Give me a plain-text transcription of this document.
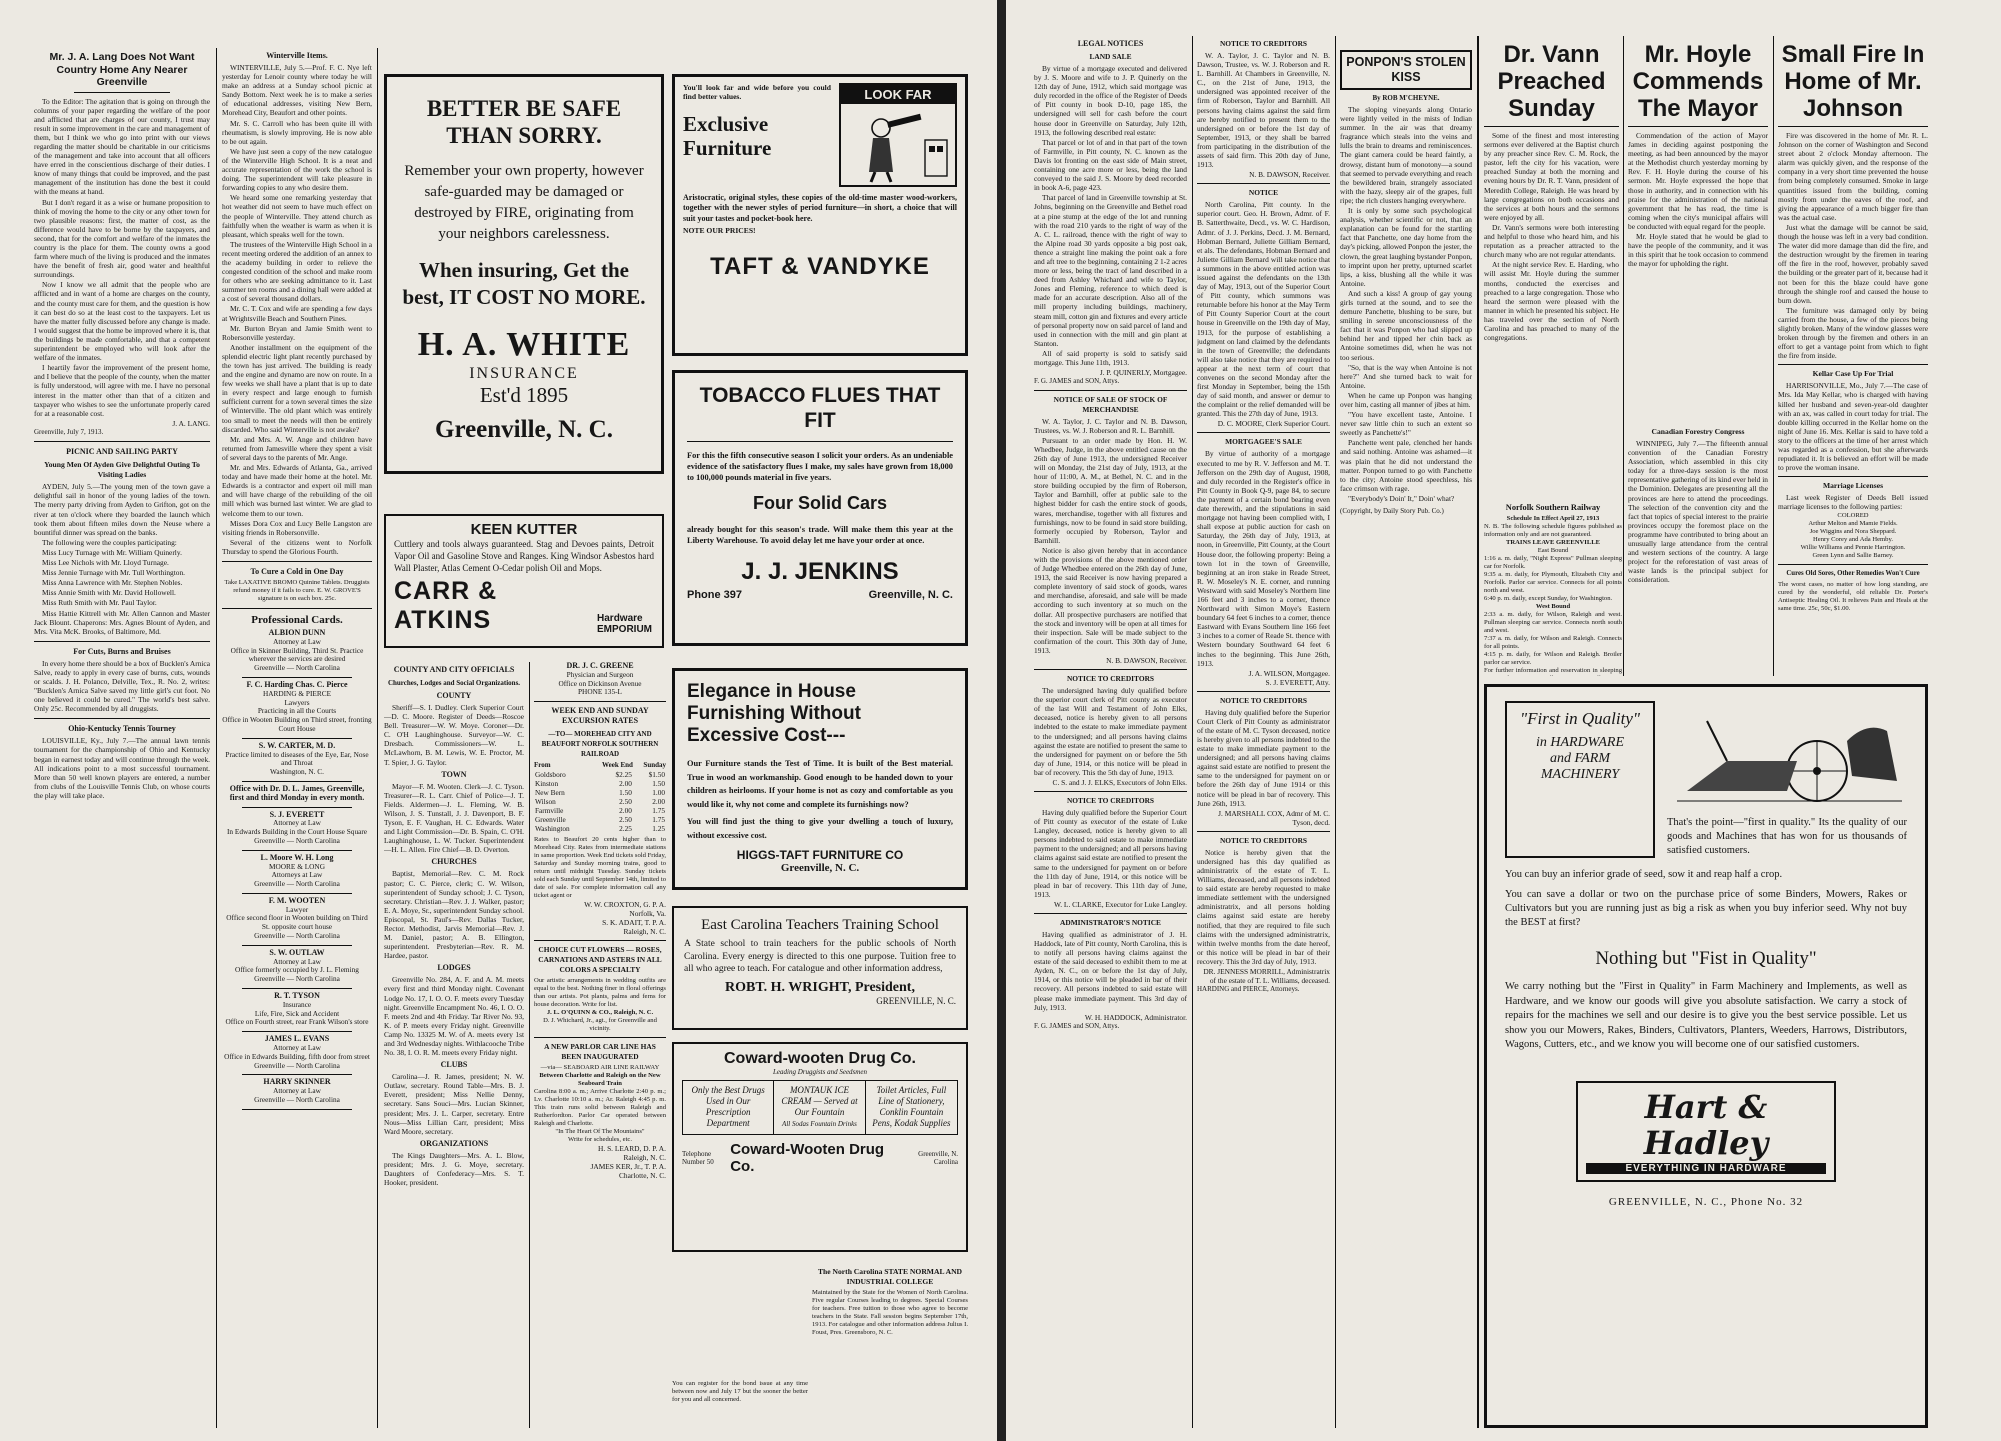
Mr. J. A. Lang Does Not Want Country Home Any Nearer Greenville

To the Editor: The agitation that is going on through the columns of your paper regarding the welfare of the poor and afflicted that are charges of our county, I trust may result in some improvement in the care and management of them, but I think we who go into print with our views regarding the matter should be charitable in our criticisms of the management and take into account that all officers have erred in the conscientious discharge of their duties. I know of many things that could be improved, and the past management of the institution has done the best it could with the means at hand.

But I don't regard it as a wise or humane proposition to think of moving the home to the city or any other town for two plausible reasons: first, the matter of cost, as the difference would have to be borne by the taxpayers, and second, that for the comfort and welfare of the inmates the country is the place for them. The county owns a good farm where much of the living is produced and the inmates have the benefit of fresh air, good water and healthful surroundings.

Now I know we all admit that the people who are afflicted and in want of a home are charges on the county, and the county must care for them, and the question is how it can best do so at the least cost to the taxpayers. Let us have the matter fully discussed before any change is made. I would suggest that the home be improved where it is, that the buildings be made comfortable, and that a competent superintendent be employed who will look after the welfare of the inmates.

I heartily favor the improvement of the present home, and I believe that the people of the county, when the matter is fully understood, will agree with me. I have no personal interest in the matter other than that of a citizen and taxpayer who wishes to see the unfortunate properly cared for at a reasonable cost.

J. A. LANG.
Greenville, July 7, 1913.
PICNIC AND SAILING PARTY
Young Men Of Ayden Give Delightful Outing To Visiting Ladies

AYDEN, July 5.—The young men of the town gave a delightful sail in honor of the young ladies of the town. The merry party driving from Ayden to Grifton, got on the river at ten o'clock where they boarded the launch which took them about fifteen miles down the Neuse where a bountiful dinner was spread on the banks.

The following were the couples participating:

Miss Lucy Turnage with Mr. William Quinerly.

Miss Lee Nichols with Mr. Lloyd Turnage.

Miss Jennie Turnage with Mr. Tull Worthington.

Miss Anna Lawrence with Mr. Stephen Nobles.

Miss Annie Smith with Mr. David Hollowell.

Miss Ruth Smith with Mr. Paul Taylor.

Miss Hattie Kittrell with Mr. Allen Cannon and Master Jack Blount. Chaperons: Mrs. Agnes Blount of Ayden, and Mrs. Vita McK. Brooks, of Baltimore, Md.

For Cuts, Burns and Bruises

In every home there should be a box of Bucklen's Arnica Salve, ready to apply in every case of burns, cuts, wounds or scalds. J. H. Polanco, Delville, Tex., R. No. 2, writes: "Bucklen's Arnica Salve saved my little girl's cut foot. No one believed it could be cured." The world's best salve. Only 25c. Recommended by all druggists.

Ohio-Kentucky Tennis Tourney

LOUISVILLE, Ky., July 7.—The annual lawn tennis tournament for the championship of Ohio and Kentucky began in earnest today and will continue through the week. All indications point to a most successful tournament. More than 50 well known players are entered, a number from clubs of the Louisville Tennis Club, on whose courts the play will take place.

Winterville Items.

WINTERVILLE, July 5.—Prof. F. C. Nye left yesterday for Lenoir county where today he will make an address at a Sunday school picnic at Sandy Bottom. Next week he is to make a series of educational addresses, visiting New Bern, Morehead City, Beaufort and other points.

Mr. S. C. Carroll who has been quite ill with rheumatism, is slowly improving. He is now able to be out again.

We have just seen a copy of the new catalogue of the Winterville High School. It is a neat and accurate representation of the work the school is doing. The superintendent will take pleasure in forwarding copies to any who desire them.

We heard some one remarking yesterday that hot weather did not seem to have much effect on the people of Winterville. They attend church as faithfully when the weather is warm as when it is pleasant, which speaks well for the town.

The trustees of the Winterville High School in a recent meeting ordered the addition of an annex to the academy building in order to relieve the congested condition of the school and make room for others who are seeking admittance to it. Last summer ten rooms and a dining hall were added at a cost of several thousand dollars.

Mr. C. T. Cox and wife are spending a few days at Wrightsville Beach and Southern Pines.

Mr. Burton Bryan and Jamie Smith went to Robersonville yesterday.

Another installment on the equipment of the splendid electric light plant recently purchased by the town has just arrived. The building is ready and the engine and dynamo are now on route. In a few weeks we shall have a plant that is up to date in every respect and large enough to furnish sufficient current for a town several times the size of Winterville. The old plant which was entirely too small to meet the needs will then be entirely discarded. Who said Winterville is not awake?

Mr. and Mrs. A. W. Ange and children have returned from Jamesville where they spent a visit of several days to the parents of Mr. Ange.

Mr. and Mrs. Edwards of Atlanta, Ga., arrived today and have made their home at the hotel. Mr. Edwards is a contractor and expert oil mill man and will have charge of the rebuilding of the oil mill which was burned last winter. We are glad to welcome them to our town.

Misses Dora Cox and Lucy Belle Langston are visiting friends in Robersonville.

Several of the citizens went to Norfolk Thursday to spend the Glorious Fourth.

To Cure a Cold in One Day

Take LAXATIVE BROMO Quinine Tablets. Druggists refund money if it fails to cure. E. W. GROVE'S signature is on each box. 25c.

Professional Cards.
ALBION DUNN
Attorney at Law
Office in Skinner Building, Third St. Practice wherever the services are desired
Greenville — North Carolina
F. C. Harding Chas. C. Pierce
HARDING & PIERCE
Lawyers
Practicing in all the Courts
Office in Wooten Building on Third street, fronting Court House
S. W. CARTER, M. D.
Practice limited to diseases of the Eye, Ear, Nose and Throat
Washington, N. C.
Office with Dr. D. L. James, Greenville, first and third Monday in every month.
S. J. EVERETT
Attorney at Law
In Edwards Building in the Court House Square
Greenville — North Carolina
L. Moore W. H. Long
MOORE & LONG
Attorneys at Law
Greenville — North Carolina
F. M. WOOTEN
Lawyer
Office second floor in Wooten building on Third St. opposite court house
Greenville — North Carolina
S. W. OUTLAW
Attorney at Law
Office formerly occupied by J. L. Fleming
Greenville — North Carolina
R. T. TYSON
Insurance
Life, Fire, Sick and Accident
Office on Fourth street, rear Frank Wilson's store
JAMES L. EVANS
Attorney at Law
Office in Edwards Building, fifth door from street
Greenville — North Carolina
HARRY SKINNER
Attorney at Law
Greenville — North Carolina
BETTER BE SAFE THAN SORRY.

Remember your own property, however safe-guarded may be damaged or destroyed by FIRE, originating from your neighbors carelessness.

When insuring, Get the best, IT COST NO MORE.

H. A. WHITE
INSURANCE
Est'd 1895
Greenville, N. C.
KEEN KUTTER

Cuttlery and tools always guaranteed. Stag and Devoes paints, Detroit Vapor Oil and Gasoline Stove and Ranges. King Windsor Asbestos hard Wall Plaster, Atlas Cement O-Cedar polish Oil and Mops.

CARR & ATKINS	Hardware EMPORIUM
COUNTY AND CITY OFFICIALS
Churches, Lodges and Social Organizations.
COUNTY

Sheriff—S. I. Dudley. Clerk Superior Court—D. C. Moore. Register of Deeds—Roscoe Bell. Treasurer—W. W. Moye. Coroner—Dr. C. O'H Laughinghouse. Surveyor—W. C. Dresbach. Commissioners—W. L. McLawhorn, B. M. Lewis, W. E. Proctor, M. T. Spier, J. G. Taylor.

TOWN

Mayor—F. M. Wooten. Clerk—J. C. Tyson. Treasurer—R. L. Carr. Chief of Police—J. T. Fields. Aldermen—J. L. Fleming, W. B. Wilson, J. S. Tunstall, J. J. Davenport, B. F. Tyson, E. F. Vaughan, H. C. Edwards. Water and Light Commission—Dr. B. Spain, C. O'H. Laughinghouse, L. W. Tucker. Superintendent—H. L. Allen. Fire Chief—B. D. Overton.

CHURCHES

Baptist, Memorial—Rev. C. M. Rock pastor; C. C. Pierce, clerk; C. W. Wilson, superintendent of Sunday school; J. C. Tyson, secretary. Christian—Rev. J. J. Walker, pastor; E. A. Moye, Sr., superintendent Sunday school. Episcopal, St. Paul's—Rev. Dallas Tucker, Rector. Methodist, Jarvis Memorial—Rev. J. M. Daniel, pastor; A. B. Ellington, superintendent. Presbyterian—Rev. R. M. Hardee, pastor.

LODGES

Greenville No. 284, A. F. and A. M. meets every first and third Monday night. Covenant Lodge No. 17, I. O. O. F. meets every Tuesday night. Greenville Encampment No. 46, I. O. O. F. meets 2nd and 4th Friday. Tar River No. 93, K. of P. meets every Friday night. Greenville Camp No. 13325 M. W. of A. meets every 1st and 3rd Wednesday nights. Withlacooche Tribe No. 38, I. O. R. M. meets every Friday night.

CLUBS

Carolina—J. R. James, president; N. W. Outlaw, secretary. Round Table—Mrs. B. J. Everett, president; Miss Nellie Denny, secretary. Sans Souci—Mrs. Lucian Skinner, president; Mrs. J. L. Carper, secretary. Entre Nous—Miss Lillian Carr, president; Miss Ward Moore, secretary.

ORGANIZATIONS

The Kings Daughters—Mrs. A. L. Blow, president; Mrs. J. G. Moye, secretary. Daughters of Confederacy—Mrs. S. T. Hooker, president.

DR. J. C. GREENE
Physician and Surgeon
Office on Dickinson Avenue
PHONE 135-L
WEEK END AND SUNDAY EXCURSION RATES
—TO— MOREHEAD CITY AND BEAUFORT NORFOLK SOUTHERN RAILROAD
From	Week End	Sunday
Goldsboro	$2.25	$1.50
Kinston	2.00	1.50
New Bern	1.50	1.00
Wilson	2.50	2.00
Farmville	2.00	1.75
Greenville	2.50	1.75
Washington	2.25	1.25

Rates to Beaufort 20 cents higher than to Morehead City. Rates from intermediate stations in same proportion. Week End tickets sold Friday, Saturday and Sunday morning trains, good to return until midnight Tuesday. Sunday tickets sold each Sunday until September 14th, limited to date of sale. For complete information call any ticket agent or

W. W. CROXTON, G. P. A.
Norfolk, Va.
S. K. ADAIT, T. P. A.
Raleigh, N. C.
CHOICE CUT FLOWERS — ROSES, CARNATIONS AND ASTERS IN ALL COLORS A SPECIALTY

Our artistic arrangements in wedding outfits are equal to the best. Nothing finer in floral offerings than our artists. Pot plants, palms and ferns for house decoration. Write for list.

J. L. O'QUINN & CO., Raleigh, N. C.
D. J. Whichard, Jr., agt., for Greenville and vicinity.
A NEW PARLOR CAR LINE HAS BEEN INAUGURATED
—via— SEABOARD AIR LINE RAILWAY
Between Charlotte and Raleigh on the New Seaboard Train

Carolina 8:00 a. m.; Arrive Charlotte 2:40 p. m.; Lv. Charlotte 10:10 a. m.; Ar. Raleigh 4:45 p. m. This train runs solid between Raleigh and Rutherfordton. Parlor Car operated between Raleigh and Charlotte.

"In The Heart Of The Mountains"
Write for schedules, etc.
H. S. LEARD, D. P. A.
Raleigh, N. C.
JAMES KER, Jr., T. P. A.
Charlotte, N. C.

You'll look far and wide before you could find better values.

Exclusive Furniture
LOOK FAR

Aristocratic, original styles, these copies of the old-time master wood-workers, together with the newer styles of period furniture—in short, a choice that will suit your tastes and pocket-book here.

NOTE OUR PRICES!
TAFT & VANDYKE
TOBACCO FLUES THAT FIT

For this the fifth consecutive season I solicit your orders. As an undeniable evidence of the satisfactory flues I make, my sales have grown from 18,000 to 100,000 pounds material in five years.

Four Solid Cars

already bought for this season's trade. Will make them this year at the Liberty Warehouse. To avoid delay let me have your order at once.

J. J. JENKINS
Phone 397	Greenville, N. C.
Elegance in House Furnishing Without Excessive Cost---

Our Furniture stands the Test of Time. It is built of the Best material. True in wood an workmanship. Good enough to be handed down to your children as heirlooms. If your home is not as cozy and comfortable as you would like it, why not come and complete its furnishings now?

You will find just the thing to give your dwelling a touch of luxury, without excessive cost.

HIGGS-TAFT FURNITURE CO
Greenville, N. C.
East Carolina Teachers Training School

A State school to train teachers for the public schools of North Carolina. Every energy is directed to this one purpose. Tuition free to all who agree to teach. For catalogue and other information address,

ROBT. H. WRIGHT, President,
GREENVILLE, N. C.
Coward-wooten Drug Co.
Leading Druggists and Seedsmen
Only the Best Drugs Used in Our Prescription Department
MONTAUK ICE CREAM — Served at Our Fountain
All Sodas Fountain Drinks
Toilet Articles, Full Line of Stationery, Conklin Fountain Pens, Kodak Supplies
Telephone Number 50
Coward-Wooten Drug Co.
Greenville, N. Carolina
The North Carolina STATE NORMAL AND INDUSTRIAL COLLEGE

Maintained by the State for the Women of North Carolina. Five regular Courses leading to degrees. Special Courses for teachers. Free tuition to those who agree to become teachers in the State. Fall session begins September 17th, 1913. For catalogue and other information address Julius I. Foust, Pres. Greensboro, N. C.

You can register for the bond issue at any time between now and July 17 but the sooner the better for you and all concerned.

LEGAL NOTICES
LAND SALE

By virtue of a mortgage executed and delivered by J. S. Moore and wife to J. P. Quinerly on the 12th day of June, 1912, which said mortgage was duly recorded in the office of the Register of Deeds of Pitt county in book D-10, page 185, the undersigned will sell for cash before the court house door in Greenville on Saturday, July 12th, 1913, the following described real estate:

That parcel or lot of and in that part of the town of Farmville, in Pitt county, N. C. known as the Davis lot fronting on the east side of Main street, containing one acre more or less, being the land conveyed to the said J. S. Moore by deed recorded in book A-6, page 423.

That parcel of land in Greenville township at St. Johns, beginning on the Greenville and Bethel road at a pine stump at the edge of the lot and running with the road 210 yards to the right of way of the A. C. L. railroad, thence with the right of way to the Alpine road 30 yards opposite a big post oak, thence a straight line making the point oak a fore and aft tree to the beginning, containing 2 1-2 acres more or less, being the tract of land described in a deed from Ashley Whichard and wife to Taylor, Jones and Fleming, reference to which deed is made for an accurate description. Also all of the mill property including buildings, machinery, steam mill, cotton gin and fixtures and every article of personal property now on said parcel of land and used in connection with the mill and gin plant at Stanton.

All of said property is sold to satisfy said mortgage. This June 11th, 1913.

J. P. QUINERLY, Mortgagee.
F. G. JAMES and SON, Attys.
NOTICE OF SALE OF STOCK OF MERCHANDISE

W. A. Taylor, J. C. Taylor and N. B. Dawson, Trustees, vs. W. J. Roberson and R. L. Barnhill.

Pursuant to an order made by Hon. H. W. Whedbee, Judge, in the above entitled cause on the 26th day of June 1913, the undersigned Receiver will on Monday, the 21st day of July, 1913, at the hour of 11:00, A. M., at Bethel, N. C. and in the store building occupied by the firm of Roberson, Taylor and Barnhill, offer at public sale to the highest bidder for cash the entire stock of goods, wares, merchandise, together with all fixtures and furnishings, now to be found in said store building, formerly occupied by Roberson, Taylor and Barnhill.

Notice is also given hereby that in accordance with the provisions of the above mentioned order of Judge Whedbee entered on the 26th day of June, 1913, the said Receiver is now having prepared a complete inventory of said stock of goods, wares and merchandise, aforesaid, and sale will be made according to such inventory at so much on the dollar. All prospective purchasers are notified that the stock and inventory will be open at all times for their inspection. Sale will be made subject to the confirmation of the court. This 30th day of June, 1913.

N. B. DAWSON, Receiver.
NOTICE TO CREDITORS

The undersigned having duly qualified before the superior court clerk of Pitt county as executor of the last Will and Testament of John Elks, deceased, notice is hereby given to all persons indebted to the estate to make immediate payment to the undersigned; and all persons having claims against the estate are notified to present the same to the undersigned for payment on or before the 5th day of June, 1914, or this notice will be plead in bar of recovery. This the 5th day of June, 1913.

C. S. and J. J. ELKS, Executors of John Elks.
NOTICE TO CREDITORS

Having duly qualified before the Superior Court of Pitt county as executor of the estate of Luke Langley, deceased, notice is hereby given to all persons indebted to said estate to make immediate payment to the undersigned; and all persons having claims against said estate are notified to present the same to the undersigned for payment on or before the 11th day of June, 1914, or this notice will be plead in bar of recovery. This 11th day of June, 1913.

W. L. CLARKE, Executor for Luke Langley.
ADMINISTRATOR'S NOTICE

Having qualified as administrator of J. H. Haddock, late of Pitt county, North Carolina, this is to notify all persons having claims against the estate of the said deceased to exhibit them to me at Ayden, N. C., on or before the 1st day of July, 1914, or this notice will be pleaded in bar of their recovery. All persons indebted to said estate will please make immediate payment. This 3rd day of July, 1913.

W. H. HADDOCK, Administrator.
F. G. JAMES and SON, Attys.
NOTICE TO CREDITORS

W. A. Taylor, J. C. Taylor and N. B. Dawson, Trustee, vs. W. J. Roberson and R. L. Barnhill. At Chambers in Greenville, N. C., on the 21st of June, 1913, the undersigned was appointed receiver of the firm of Roberson, Taylor and Barnhill. All persons having claims against the said firm are hereby notified to present them to the undersigned on or before the 1st day of September, 1913, or they shall be barred from participating in the distribution of the assets of said firm. This 20th day of June, 1913.

N. B. DAWSON, Receiver.
NOTICE

North Carolina, Pitt county. In the superior court. Geo. H. Brown, Admr. of F. B. Satterthwaite, Decd., vs. W. C. Hardison, Admr. of J. J. Perkins, Decd. J. M. Bernard, Hobman Bernard, Juliette Gilliam Bernard, et als. The defendants, Hobman Bernard and Juliette Gilliam Bernard will take notice that a summons in the above entitled action was issued against the defendants on the 13th day of May, 1913, out of the Superior Court of Pitt county, which summons was returnable before his honor at the May Term of Pitt County Superior Court at the court house in Greenville on the 19th day of May, 1913, for the purpose of establishing a judgment on land claimed by the defendants in the town of Greenville; the defendants will also take notice that they are required to appear at the next term of court that convenes on the second Monday after the first Monday in September, being the 15th day of said month, and answer or demur to the complaint or the relief demanded will be granted. This the 27th day of June, 1913.

D. C. MOORE, Clerk Superior Court.
MORTGAGEE'S SALE

By virtue of authority of a mortgage executed to me by R. V. Jefferson and M. T. Jefferson on the 29th day of August, 1908, and duly recorded in the Register's office in Pitt County in Book Q-9, page 84, to secure the payment of a certain bond bearing even date therewith, and the stipulations in said mortgage not having been complied with, I shall expose at public auction for cash on Saturday, the 26th day of July, 1913, at noon, in Greenville, Pitt County, at the Court House door, the following property: Being a town lot in the town of Greenville, beginning at an iron stake in Reade Street, R. W. Moseley's N. E. corner, and running Westward with said Moseley's Northern line 166 feet and 3 inches to a corner, thence Northward with Simon Moye's Eastern boundary 64 feet 6 inches to a corner, thence Eastward with Evans Southern line 166 feet 3 inches to a corner of Reade St. thence with Western boundary Southward 64 feet 6 inches to the beginning. This June 26th, 1913.

J. A. WILSON, Mortgagee.
S. J. EVERETT, Atty.
NOTICE TO CREDITORS

Having duly qualified before the Superior Court Clerk of Pitt County as administrator of the estate of M. C. Tyson deceased, notice is hereby given to all persons indebted to the estate to make immediate payment to the undersigned; and all persons having claims against said estate are notified to present the same to the undersigned for payment on or before the 26th day of June 1914 or this notice will be plead in bar of recovery. This June 26th, 1913.

J. MARSHALL COX, Admr of M. C. Tyson, decd.
NOTICE TO CREDITORS

Notice is hereby given that the undersigned has this day qualified as administratrix of the estate of T. L. Williams, deceased, and all persons indebted to said estate are hereby requested to make immediate settlement with the undersigned administratrix, and all persons holding claims against said estate are hereby notified, that they are required to file such claims with the undersigned administratrix, within twelve months from the date hereof, or this notice will be plead in bar of their recovery. This the 3rd day of July, 1913.

DR. JENNESS MORRILL, Administratrix of the estate of T. L. Williams, deceased.
HARDING and PIERCE, Attorneys.
PONPON'S STOLEN KISS
By ROB M'CHEYNE.

The sloping vineyards along Ontario were lightly veiled in the mists of Indian summer. In the air was that dreamy fragrance which steals into the veins and lulls the brain to dreams and reminiscences. The giant camera could be heard faintly, a drowsy, distant hum of monotony—a sound that seemed to pervade everything and reach the bewildered brain, strangely associated with the hazy, sleepy air of the grapes, full ripe; the rich clusters hanging everywhere.

It is only by some such psychological analysis, whether scientific or not, that an explanation can be found for the startling fact that Panchette, one day home from the day's picking, allowed Ponpon the jester, the clown, the great laughing bystander Ponpon, to imprint upon her pretty, upturned scarlet lips, a kiss, blushing all the while it was Antoine.

And such a kiss! A group of gay young girls turned at the sound, and to see the demure Panchette, blushing to be sure, but smiling in serene unconsciousness of the fact that it was Ponpon who had slipped up behind her and tipped her chin back as Antoine sometimes did, when he was not too serious.

"So, that is the way when Antoine is not here?" And she turned back to wait for Antoine.

When he came up Ponpon was hanging over him, casting all manner of jibes at him.

"You have excellent taste, Antoine. I never saw little chin to such an extent so sweetly as Panchette's!"

Panchette went pale, clenched her hands and said nothing. Antoine was ashamed—it was plain that he did not understand the matter. Ponpon turned to go with Panchette to the city; Antoine stood speechless, his face crimson with rage.

"Everybody's Doin' It," Doin' what?

(Copyright, by Daily Story Pub. Co.)
Dr. Vann Preached Sunday

Some of the finest and most interesting sermons ever delivered at the Baptist church by any preacher since Rev. C. M. Rock, the pastor, left the city for his vacation, were preached Sunday at both the morning and evening hours by Dr. R. T. Vann, president of Meredith College, Raleigh. He was heard by large congregations on both occasions and the services at both hours and the sermons were enjoyed by all.

Dr. Vann's sermons were both interesting and helpful to those who heard him, and his reputation as a preacher attracted to the church many who are not regular attendants.

At the night service Rev. E. Harding, who will assist Mr. Hoyle during the summer months, conducted the exercises and preached to a large congregation. Those who heard the sermon were pleased with the manner in which he presented his subject. He has traveled over the section of North Carolina and has preached to many of the congregations.

Mr. Hoyle Commends The Mayor

Commendation of the action of Mayor James in deciding against postponing the meeting, as had been announced by the mayor at the Methodist church yesterday morning by Rev. F. H. Hoyle during the course of his sermon. Mr. Hoyle expressed the hope that those in authority, and in connection with his praise for the administration of the national government that he has read, the time is coming when the city's municipal affairs will be conducted with equal regard for the people.

Mr. Hoyle stated that he would be glad to have the people of the community, and it was in this spirit that he took occasion to commend the mayor for upholding the right.

Small Fire In Home of Mr. Johnson

Fire was discovered in the home of Mr. R. L. Johnson on the corner of Washington and Second street about 2 o'clock Monday afternoon. The alarm was quickly given, and the response of the company in a very short time prevented the house from being completely consumed. Smoke in large quantities issued from the building, coming mostly from under the eaves of the roof, and giving the appearance of a much bigger fire than was the actual case.

Just what the damage will be cannot be said, though the house was left in a very bad condition. The water did more damage than did the fire, and the destruction wrought by the firemen in tearing off the fire in the roof, however, probably saved the building or the greater part of it, because had it not been for this the blaze could have gone through the shingle roof and caused the house to burn down.

The furniture was damaged only by being carried from the house, a few of the pieces being slightly broken. Many of the window glasses were broken through by the firemen and others in an effort to get a vantage point from which to fight the fire from inside.

Kellar Case Up For Trial

HARRISONVILLE, Mo., July 7.—The case of Mrs. Ida May Kellar, who is charged with having killed her husband and seven-year-old daughter with an ax, was called in court today for trial. The double killing occurred in the Kellar home on the night of June 16. Mrs. Kellar is said to have told a story to the officers at the time of her arrest which was regarded as a confession, but she afterwards repudiated it. It is believed an effort will be made to prove the woman insane.

Marriage Licenses

Last week Register of Deeds Bell issued marriage licenses to the following parties:

COLORED
Arthur Melton and Mamie Fields.
Joe Wiggins and Nora Sheppard.
Henry Corey and Ada Hemby.
Willie Williams and Pennie Harrington.
Green Lynn and Sallie Barney.
Cures Old Sores, Other Remedies Won't Cure

The worst cases, no matter of how long standing, are cured by the wonderful, old reliable Dr. Porter's Antiseptic Healing Oil. It relieves Pain and Heals at the same time. 25c, 50c, $1.00.

Canadian Forestry Congress

WINNIPEG, July 7.—The fifteenth annual convention of the Canadian Forestry Association, which assembled in this city today for a three-days session is the most representative gathering of its kind ever held in the Dominion. Delegates are presenting all the provinces are here to attend the proceedings. The selection of the convention city and the fact that topics of special interest to the prairie provinces occupy the foremost place on the programme have contributed to bring about an unusually large attendance from the central and western sections of the country. A large project for the reforestation of vast areas of waste lands is the principal subject for consideration.

"First in Quality"
in HARDWARE
and FARM MACHINERY

That's the point—"first in quality." Its the quality of our goods and Machines that has won for us thousands of satisfied customers.

You can buy an inferior grade of seed, sow it and reap half a crop.

You can save a dollar or two on the purchase price of some Binders, Mowers, Rakes or Cultivators but you are running just as big a risk as when you buy inferior seed. Why not buy the BEST at first?

Nothing but "Fist in Quality"

We carry nothing but the "First in Quality" in Farm Machinery and Implements, as well as Hardware, and we know our goods will give you absolute satisfaction. We carry a stock of repairs for the machines we sell and our desire is to give you the best service possible. Let us show you our Mowers, Rakes, Binders, Cultivators, Planters, Weeders, Harrows, Distributors, Wagons, Cutters, etc., and we know you will become one of our satisfied customers.

Hart & Hadley
EVERYTHING IN HARDWARE
GREENVILLE, N. C., Phone No. 32
Norfolk Southern Railway
Schedule In Effect April 27, 1913

N. B. The following schedule figures published as information only and are not guaranteed.

TRAINS LEAVE GREENVILLE
East Bound

1:16 a. m. daily, "Night Express" Pullman sleeping car for Norfolk.

9:35 a. m. daily, for Plymouth, Elizabeth City and Norfolk. Parlor car service. Connects for all points north and west.

6:40 p. m. daily, except Sunday, for Washington.

West Bound

2:33 a. m. daily, for Wilson, Raleigh and west. Pullman sleeping car service. Connects north south and west.

7:37 a. m. daily, for Wilson and Raleigh. Connects for all points.

4:15 p. m. daily, for Wilson and Raleigh. Broiler parlor car service.

For further information and reservation in sleeping
